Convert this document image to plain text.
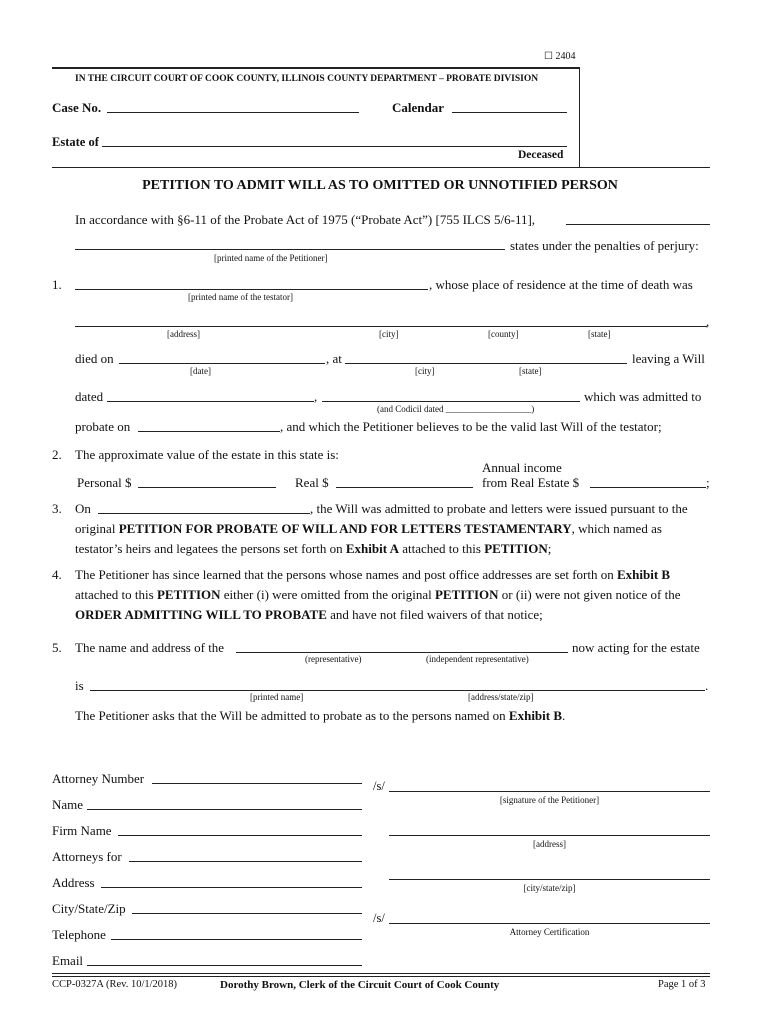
☐ 2404
IN THE CIRCUIT COURT OF COOK COUNTY, ILLINOIS COUNTY DEPARTMENT – PROBATE DIVISION
Case No.	Calendar
Estate of
Deceased
PETITION TO ADMIT WILL AS TO OMITTED OR UNNOTIFIED PERSON
In accordance with §6-11 of the Probate Act of 1975 (“Probate Act”) [755 ILCS 5/6-11],
states under the penalties of perjury:
[printed name of the Petitioner]
1.	, whose place of residence at the time of death was
[printed name of the testator]
,
[address]	[city]	[county]	[state]
died on	, at	leaving a Will
[date]	[city]	[state]
dated	,	which was admitted to
(and Codicil dated ___________________)
probate on	, and which the Petitioner believes to be the valid last Will of the testator;
2. The approximate value of the estate in this state is:
Annual income
Personal $	Real $	from Real Estate $	;
3. On	, the Will was admitted to probate and letters were issued pursuant to the
original PETITION FOR PROBATE OF WILL AND FOR LETTERS TESTAMENTARY, which named as
testator’s heirs and legatees the persons set forth on Exhibit A attached to this PETITION;
4. The Petitioner has since learned that the persons whose names and post office addresses are set forth on Exhibit B
attached to this PETITION either (i) were omitted from the original PETITION or (ii) were not given notice of the
ORDER ADMITTING WILL TO PROBATE and have not filed waivers of that notice;
5. The name and address of the	now acting for the estate
(representative)	(independent representative)
is	.
[printed name]	[address/state/zip]
The Petitioner asks that the Will be admitted to probate as to the persons named on Exhibit B.
Attorney Number
Name
Firm Name
Attorneys for
Address
City/State/Zip
Telephone
Email
/s/
[signature of the Petitioner]
[address]
[city/state/zip]
/s/
Attorney Certification
CCP-0327A (Rev. 10/1/2018)	Dorothy Brown, Clerk of the Circuit Court of Cook County	Page 1 of 3
